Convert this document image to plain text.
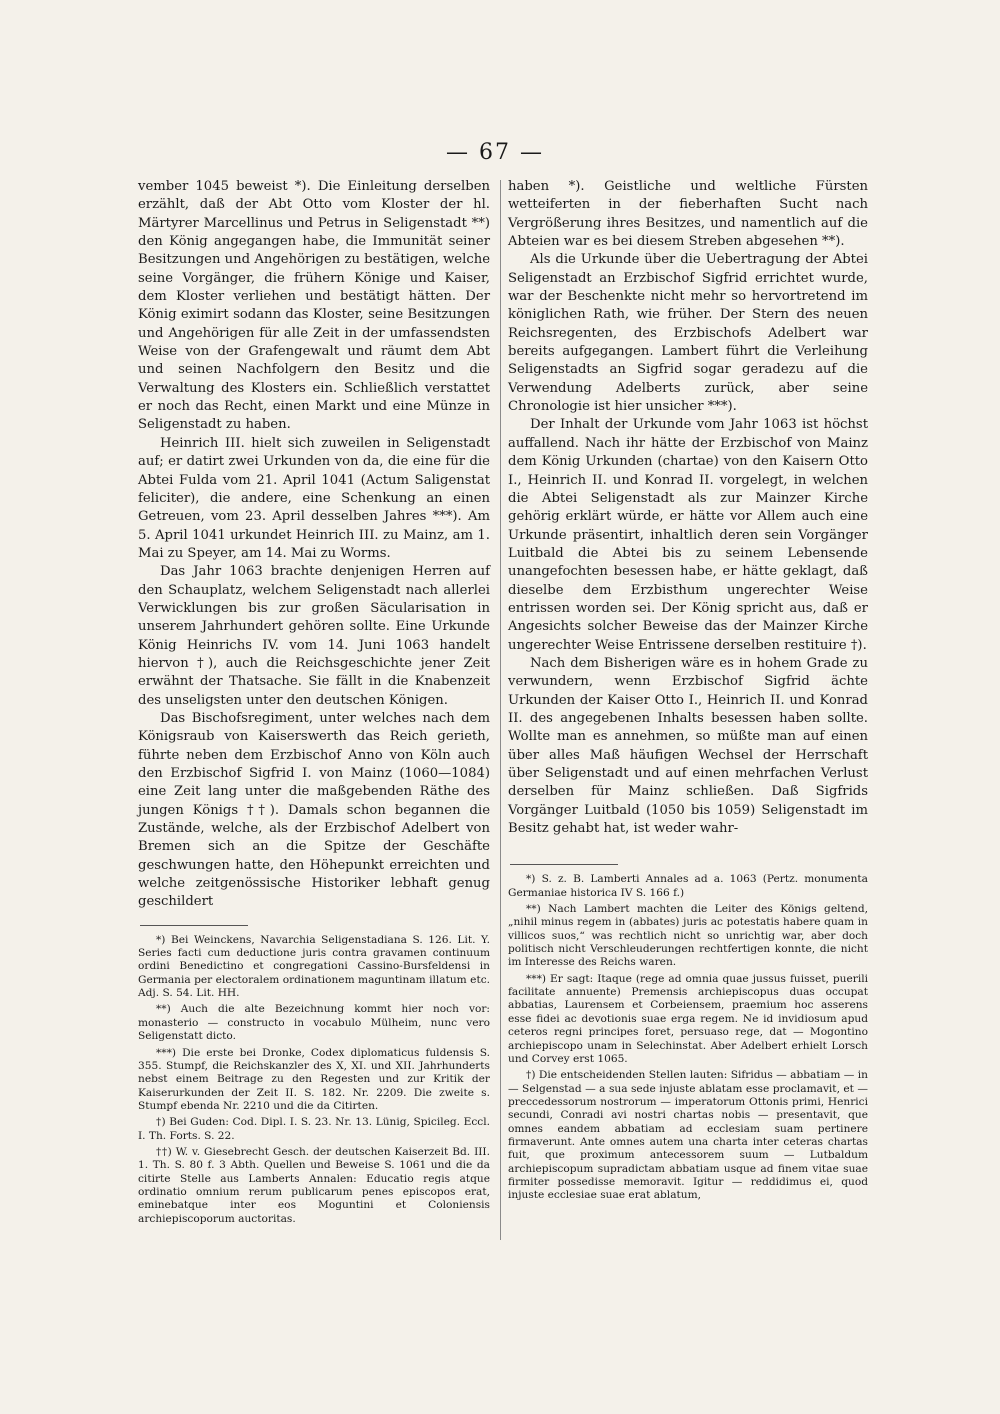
— 67 —

vember 1045 beweist *). Die Einleitung derselben erzählt, daß der Abt Otto vom Kloster der hl. Märtyrer Marcellinus und Petrus in Seligenstadt **) den König angegangen habe, die Immunität seiner Besitzungen und Angehörigen zu bestätigen, welche seine Vorgänger, die frühern Könige und Kaiser, dem Kloster verliehen und bestätigt hätten. Der König eximirt sodann das Kloster, seine Besitzungen und Angehörigen für alle Zeit in der umfassendsten Weise von der Grafengewalt und räumt dem Abt und seinen Nachfolgern den Besitz und die Verwaltung des Klosters ein. Schließlich verstattet er noch das Recht, einen Markt und eine Münze in Seligenstadt zu haben.

Heinrich III. hielt sich zuweilen in Seligenstadt auf; er datirt zwei Urkunden von da, die eine für die Abtei Fulda vom 21. April 1041 (Actum Saligenstat feliciter), die andere, eine Schenkung an einen Getreuen, vom 23. April desselben Jahres ***). Am 5. April 1041 urkundet Heinrich III. zu Mainz, am 1. Mai zu Speyer, am 14. Mai zu Worms.

Das Jahr 1063 brachte denjenigen Herren auf den Schauplatz, welchem Seligenstadt nach allerlei Verwicklungen bis zur großen Säcularisation in unserem Jahrhundert gehören sollte. Eine Urkunde König Heinrichs IV. vom 14. Juni 1063 handelt hiervon †), auch die Reichsgeschichte jener Zeit erwähnt der Thatsache. Sie fällt in die Knabenzeit des unseligsten unter den deutschen Königen.

Das Bischofsregiment, unter welches nach dem Königsraub von Kaiserswerth das Reich gerieth, führte neben dem Erzbischof Anno von Köln auch den Erzbischof Sigfrid I. von Mainz (1060—1084) eine Zeit lang unter die maßgebenden Räthe des jungen Königs ††). Damals schon begannen die Zustände, welche, als der Erzbischof Adelbert von Bremen sich an die Spitze der Geschäfte geschwungen hatte, den Höhepunkt erreichten und welche zeitgenössische Historiker lebhaft genug geschildert

*) Bei Weinckens, Navarchia Seligenstadiana S. 126. Lit. Y. Series facti cum deductione juris contra gravamen continuum ordini Benedictino et congregationi Cassino-Bursfeldensi in Germania per electoralem ordinationem maguntinam illatum etc. Adj. S. 54. Lit. HH.

**) Auch die alte Bezeichnung kommt hier noch vor: monasterio — constructo in vocabulo Mülheim, nunc vero Seligenstatt dicto.

***) Die erste bei Dronke, Codex diplomaticus fuldensis S. 355. Stumpf, die Reichskanzler des X, XI. und XII. Jahrhunderts nebst einem Beitrage zu den Regesten und zur Kritik der Kaiserurkunden der Zeit II. S. 182. Nr. 2209. Die zweite s. Stumpf ebenda Nr. 2210 und die da Citirten.

†) Bei Guden: Cod. Dipl. I. S. 23. Nr. 13. Lünig, Spicileg. Eccl. I. Th. Forts. S. 22.

††) W. v. Giesebrecht Gesch. der deutschen Kaiserzeit Bd. III. 1. Th. S. 80 f. 3 Abth. Quellen und Beweise S. 1061 und die da citirte Stelle aus Lamberts Annalen: Educatio regis atque ordinatio omnium rerum publicarum penes episcopos erat, eminebatque inter eos Moguntini et Coloniensis archiepiscoporum auctoritas.

haben *). Geistliche und weltliche Fürsten wetteiferten in der fieberhaften Sucht nach Vergrößerung ihres Besitzes, und namentlich auf die Abteien war es bei diesem Streben abgesehen **).

Als die Urkunde über die Uebertragung der Abtei Seligenstadt an Erzbischof Sigfrid errichtet wurde, war der Beschenkte nicht mehr so hervortretend im königlichen Rath, wie früher. Der Stern des neuen Reichsregenten, des Erzbischofs Adelbert war bereits aufgegangen. Lambert führt die Verleihung Seligenstadts an Sigfrid sogar geradezu auf die Verwendung Adelberts zurück, aber seine Chronologie ist hier unsicher ***).

Der Inhalt der Urkunde vom Jahr 1063 ist höchst auffallend. Nach ihr hätte der Erzbischof von Mainz dem König Urkunden (chartae) von den Kaisern Otto I., Heinrich II. und Konrad II. vorgelegt, in welchen die Abtei Seligenstadt als zur Mainzer Kirche gehörig erklärt würde, er hätte vor Allem auch eine Urkunde präsentirt, inhaltlich deren sein Vorgänger Luitbald die Abtei bis zu seinem Lebensende unangefochten besessen habe, er hätte geklagt, daß dieselbe dem Erzbisthum ungerechter Weise entrissen worden sei. Der König spricht aus, daß er Angesichts solcher Beweise das der Mainzer Kirche ungerechter Weise Entrissene derselben restituire †).

Nach dem Bisherigen wäre es in hohem Grade zu verwundern, wenn Erzbischof Sigfrid ächte Urkunden der Kaiser Otto I., Heinrich II. und Konrad II. des angegebenen Inhalts besessen haben sollte. Wollte man es annehmen, so müßte man auf einen über alles Maß häufigen Wechsel der Herrschaft über Seligenstadt und auf einen mehrfachen Verlust derselben für Mainz schließen. Daß Sigfrids Vorgänger Luitbald (1050 bis 1059) Seligenstadt im Besitz gehabt hat, ist weder wahr-

*) S. z. B. Lamberti Annales ad a. 1063 (Pertz. monumenta Germaniae historica IV S. 166 f.)

**) Nach Lambert machten die Leiter des Königs geltend, „nihil minus regem in (abbates) juris ac potestatis habere quam in villicos suos,“ was rechtlich nicht so unrichtig war, aber doch politisch nicht Verschleuderungen rechtfertigen konnte, die nicht im Interesse des Reichs waren.

***) Er sagt: Itaque (rege ad omnia quae jussus fuisset, puerili facilitate annuente) Premensis archiepiscopus duas occupat abbatias, Laurensem et Corbeiensem, praemium hoc asserens esse fidei ac devotionis suae erga regem. Ne id invidiosum apud ceteros regni principes foret, persuaso rege, dat — Mogontino archiepiscopo unam in Selechinstat. Aber Adelbert erhielt Lorsch und Corvey erst 1065.

†) Die entscheidenden Stellen lauten: Sifridus — abbatiam — in — Selgenstad — a sua sede injuste ablatam esse proclamavit, et — preccedessorum nostrorum — imperatorum Ottonis primi, Henrici secundi, Conradi avi nostri chartas nobis — presentavit, que omnes eandem abbatiam ad ecclesiam suam pertinere firmaverunt. Ante omnes autem una charta inter ceteras chartas fuit, que proximum antecessorem suum — Lutbaldum archiepiscopum supradictam abbatiam usque ad finem vitae suae firmiter possedisse memoravit. Igitur — reddidimus ei, quod injuste ecclesiae suae erat ablatum,
